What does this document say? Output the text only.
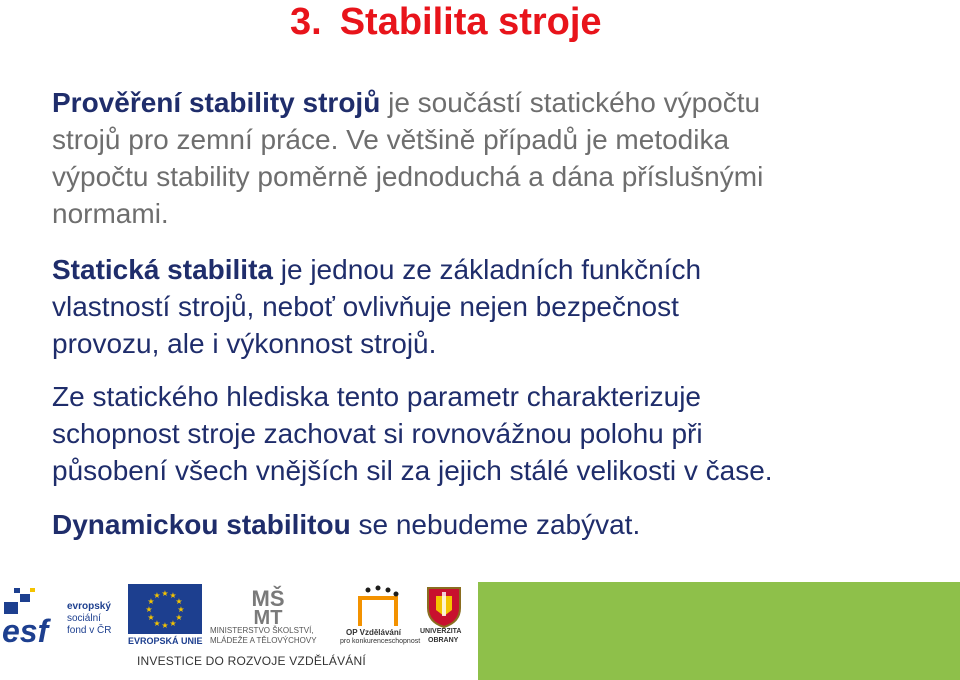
3. Stabilita stroje
Prověření stability strojů je součástí statického výpočtu
strojů pro zemní práce. Ve většině případů je metodika
výpočtu stability poměrně jednoduchá a dána příslušnými
normami.
Statická stabilita je jednou ze základních funkčních
vlastností strojů, neboť ovlivňuje nejen bezpečnost
provozu, ale i výkonnost strojů.
Ze statického hlediska tento parametr charakterizuje
schopnost stroje zachovat si rovnovážnou polohu při
působení všech vnějších sil za jejich stálé velikosti v čase.
Dynamickou stabilitou se nebudeme zabývat.
esf
evropský
sociální
fond v ČR
★ ★
★
★
★
★
★
★
★
★
★
★
EVROPSKÁ UNIE
MŠ
MT
MINISTERSTVO ŠKOLSTVÍ,
MLÁDEŽE A TĚLOVÝCHOVY
OP Vzdělávání
pro konkurenceschopnost
UNIVERZITA
OBRANY
INVESTICE DO ROZVOJE VZDĚLÁVÁNÍ
